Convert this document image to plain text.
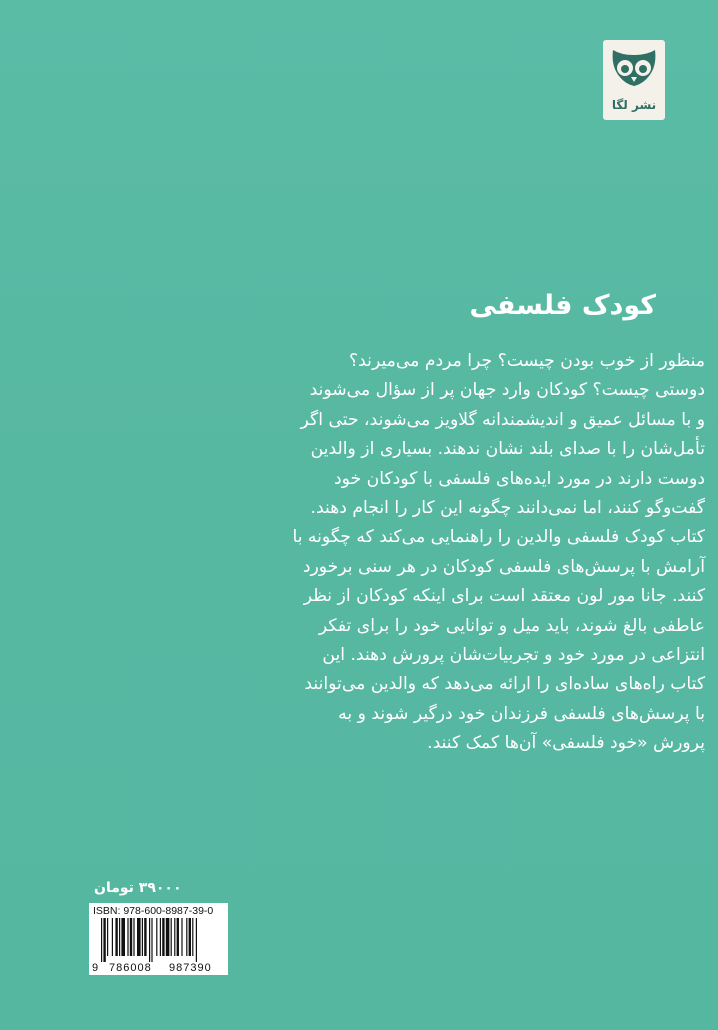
نشر لگا
کودک فلسفی
منظور از خوب بودن چیست؟ چرا مردم می‌میرند؟
دوستی چیست؟ کودکان وارد جهان پر از سؤال می‌شوند
و با مسائل عمیق و اندیشمندانه گلاویز می‌شوند، حتی اگر
تأمل‌شان را با صدای بلند نشان ندهند. بسیاری از والدین
دوست دارند در مورد ایده‌های فلسفی با کودکان خود
گفت‌وگو کنند، اما نمی‌دانند چگونه این کار را انجام دهند.
کتاب کودک فلسفی والدین را راهنمایی می‌کند که چگونه با
آرامش با پرسش‌های فلسفی کودکان در هر سنی برخورد
کنند. جانا مور لون معتقد است برای اینکه کودکان از نظر
عاطفی بالغ شوند، باید میل و توانایی خود را برای تفکر
انتزاعی در مورد خود و تجربیات‌شان پرورش دهند. این
کتاب راه‌های ساده‌ای را ارائه می‌دهد که والدین می‌توانند
با پرسش‌های فلسفی فرزندان خود درگیر شوند و به
پرورش «خود فلسفی» آن‌ها کمک کنند.
۳۹۰۰۰ تومان
ISBN: 978-600-8987-39-0
9 786008 987390
